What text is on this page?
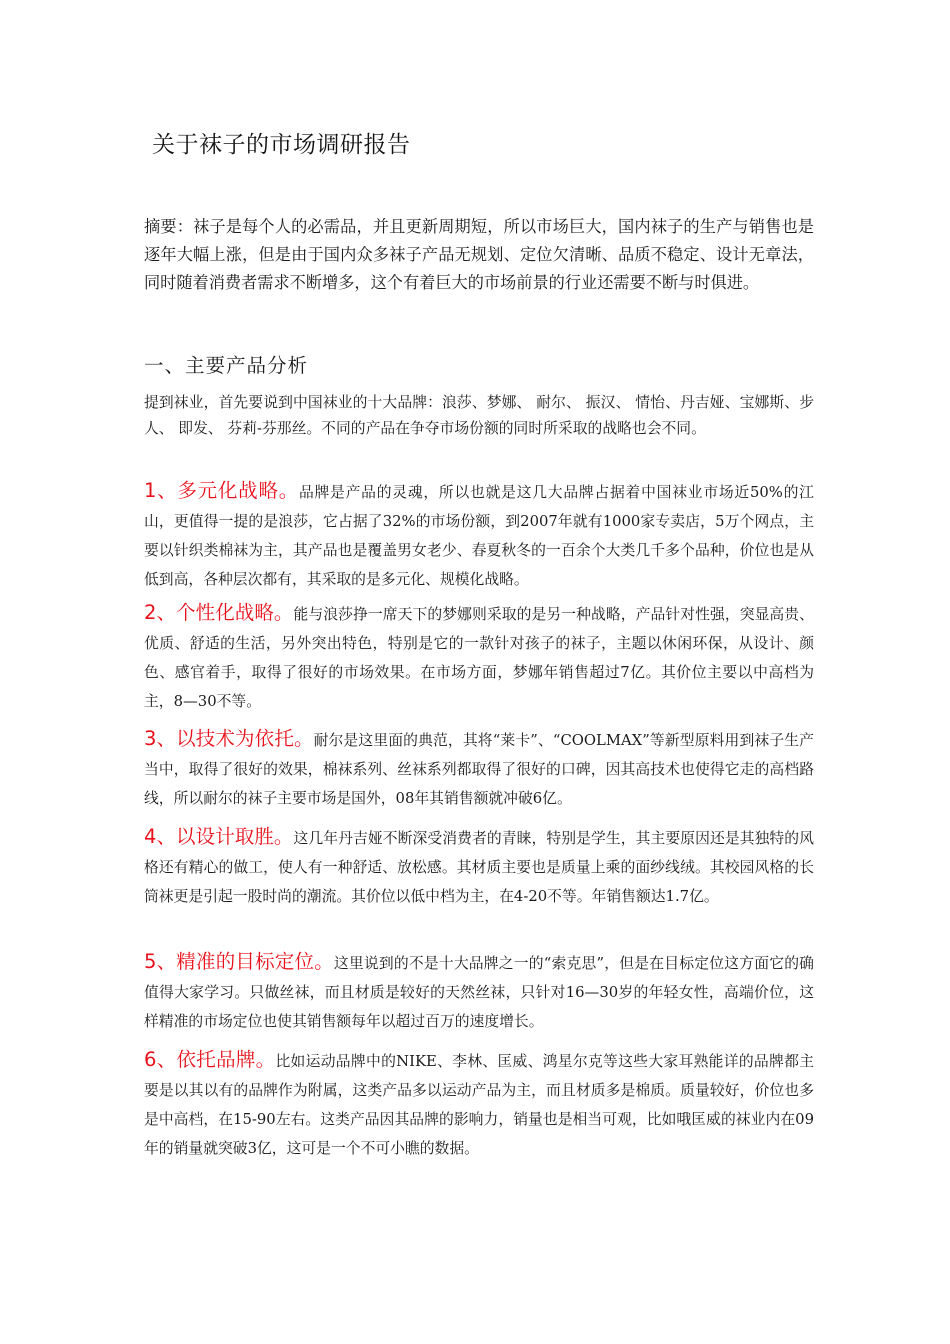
关于袜子的市场调研报告

摘要：袜子是每个人的必需品，并且更新周期短，所以市场巨大，国内袜子的生产与销售也是逐年大幅上涨，但是由于国内众多袜子产品无规划、定位欠清晰、品质不稳定、设计无章法，同时随着消费者需求不断增多，这个有着巨大的市场前景的行业还需要不断与时俱进。

一、主要产品分析

提到袜业，首先要说到中国袜业的十大品牌：浪莎、梦娜、 耐尔、 振汉、 情怡、丹吉娅、宝娜斯、步人、 即发、 芬莉-芬那丝。不同的产品在争夺市场份额的同时所采取的战略也会不同。

1、多元化战略。品牌是产品的灵魂，所以也就是这几大品牌占据着中国袜业市场近50%的江山，更值得一提的是浪莎，它占据了32%的市场份额，到2007年就有1000家专卖店，5万个网点，主要以针织类棉袜为主，其产品也是覆盖男女老少、春夏秋冬的一百余个大类几千多个品种，价位也是从低到高，各种层次都有，其采取的是多元化、规模化战略。

2、个性化战略。能与浪莎挣一席天下的梦娜则采取的是另一种战略，产品针对性强，突显高贵、优质、舒适的生活，另外突出特色，特别是它的一款针对孩子的袜子，主题以休闲环保，从设计、颜色、感官着手，取得了很好的市场效果。在市场方面，梦娜年销售超过7亿。其价位主要以中高档为主，8—30不等。

3、以技术为依托。耐尔是这里面的典范，其将“莱卡”、“COOLMAX”等新型原料用到袜子生产当中，取得了很好的效果，棉袜系列、丝袜系列都取得了很好的口碑，因其高技术也使得它走的高档路线，所以耐尔的袜子主要市场是国外，08年其销售额就冲破6亿。

4、以设计取胜。这几年丹吉娅不断深受消费者的青睐，特别是学生，其主要原因还是其独特的风格还有精心的做工，使人有一种舒适、放松感。其材质主要也是质量上乘的面纱线绒。其校园风格的长筒袜更是引起一股时尚的潮流。其价位以低中档为主，在4-20不等。年销售额达1.7亿。

5、精准的目标定位。这里说到的不是十大品牌之一的“索克思”，但是在目标定位这方面它的确值得大家学习。只做丝袜，而且材质是较好的天然丝袜，只针对16—30岁的年轻女性，高端价位，这样精准的市场定位也使其销售额每年以超过百万的速度增长。

6、依托品牌。比如运动品牌中的NIKE、李林、匡威、鸿星尔克等这些大家耳熟能详的品牌都主要是以其以有的品牌作为附属，这类产品多以运动产品为主，而且材质多是棉质。质量较好，价位也多是中高档，在15-90左右。这类产品因其品牌的影响力，销量也是相当可观，比如哦匡威的袜业内在09年的销量就突破3亿，这可是一个不可小瞧的数据。
